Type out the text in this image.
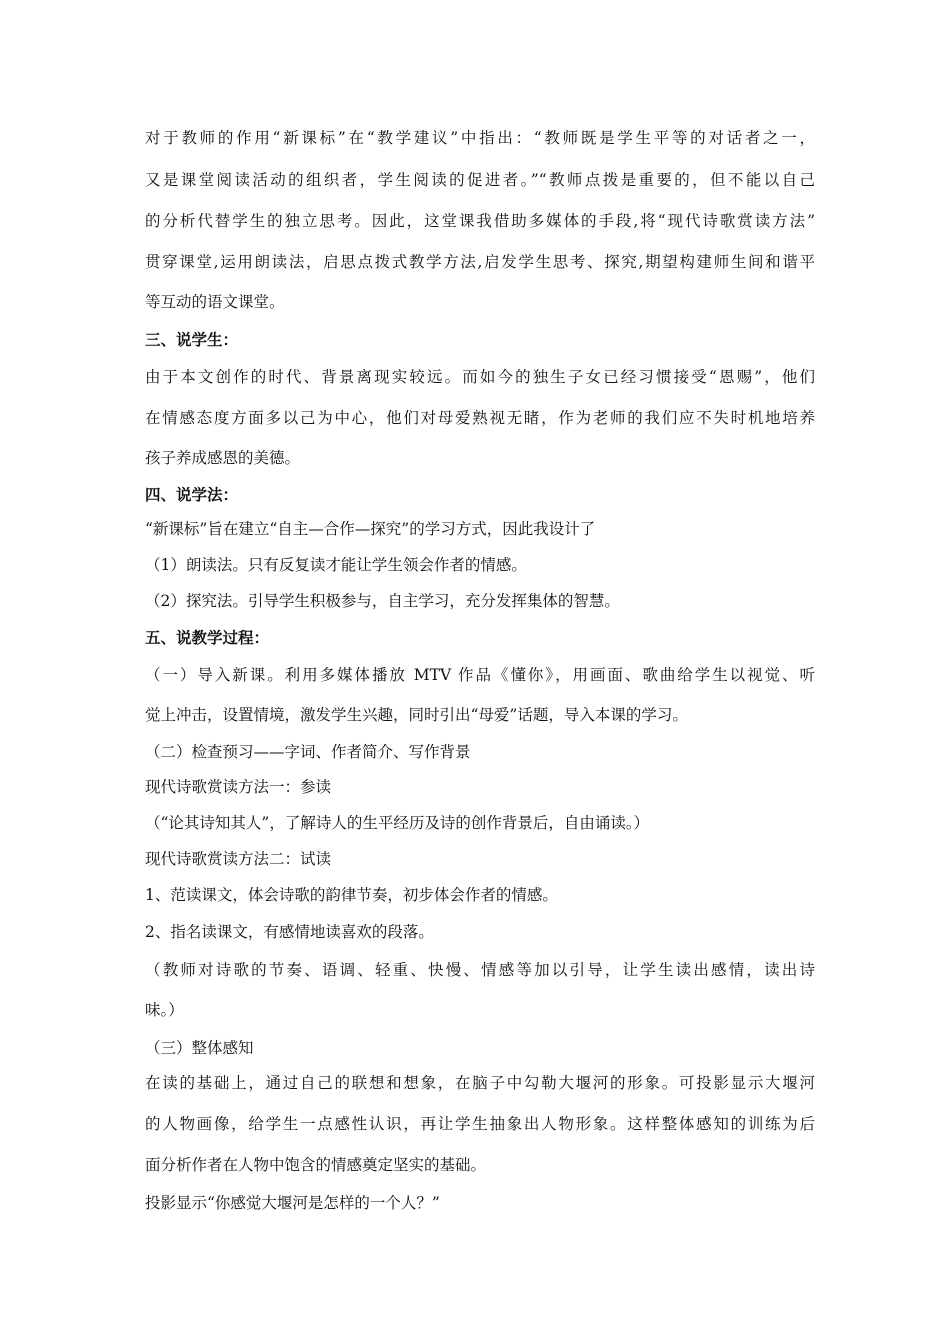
对于教师的作用“新课标”在“教学建议”中指出：“教师既是学生平等的对话者之一，
又是课堂阅读活动的组织者，学生阅读的促进者。”“教师点拨是重要的，但不能以自己
的分析代替学生的独立思考。因此，这堂课我借助多媒体的手段,将“现代诗歌赏读方法”
贯穿课堂,运用朗读法，启思点拨式教学方法,启发学生思考、探究,期望构建师生间和谐平
等互动的语文课堂。
三、说学生：
由于本文创作的时代、背景离现实较远。而如今的独生子女已经习惯接受“恩赐”，他们
在情感态度方面多以己为中心，他们对母爱熟视无睹，作为老师的我们应不失时机地培养
孩子养成感恩的美德。
四、说学法：
“新课标”旨在建立“自主—合作—探究”的学习方式，因此我设计了
（1）朗读法。只有反复读才能让学生领会作者的情感。
（2）探究法。引导学生积极参与，自主学习，充分发挥集体的智慧。
五、说教学过程：
（一）导入新课。利用多媒体播放 MTV 作品《懂你》，用画面、歌曲给学生以视觉、听
觉上冲击，设置情境，激发学生兴趣，同时引出“母爱”话题，导入本课的学习。
（二）检查预习——字词、作者简介、写作背景
现代诗歌赏读方法一：参读
（“论其诗知其人”，了解诗人的生平经历及诗的创作背景后，自由诵读。）
现代诗歌赏读方法二：试读
1、范读课文，体会诗歌的韵律节奏，初步体会作者的情感。
2、指名读课文，有感情地读喜欢的段落。
（教师对诗歌的节奏、语调、轻重、快慢、情感等加以引导，让学生读出感情，读出诗
味。）
（三）整体感知
在读的基础上，通过自己的联想和想象，在脑子中勾勒大堰河的形象。可投影显示大堰河
的人物画像，给学生一点感性认识，再让学生抽象出人物形象。这样整体感知的训练为后
面分析作者在人物中饱含的情感奠定坚实的基础。
投影显示“你感觉大堰河是怎样的一个人？”
